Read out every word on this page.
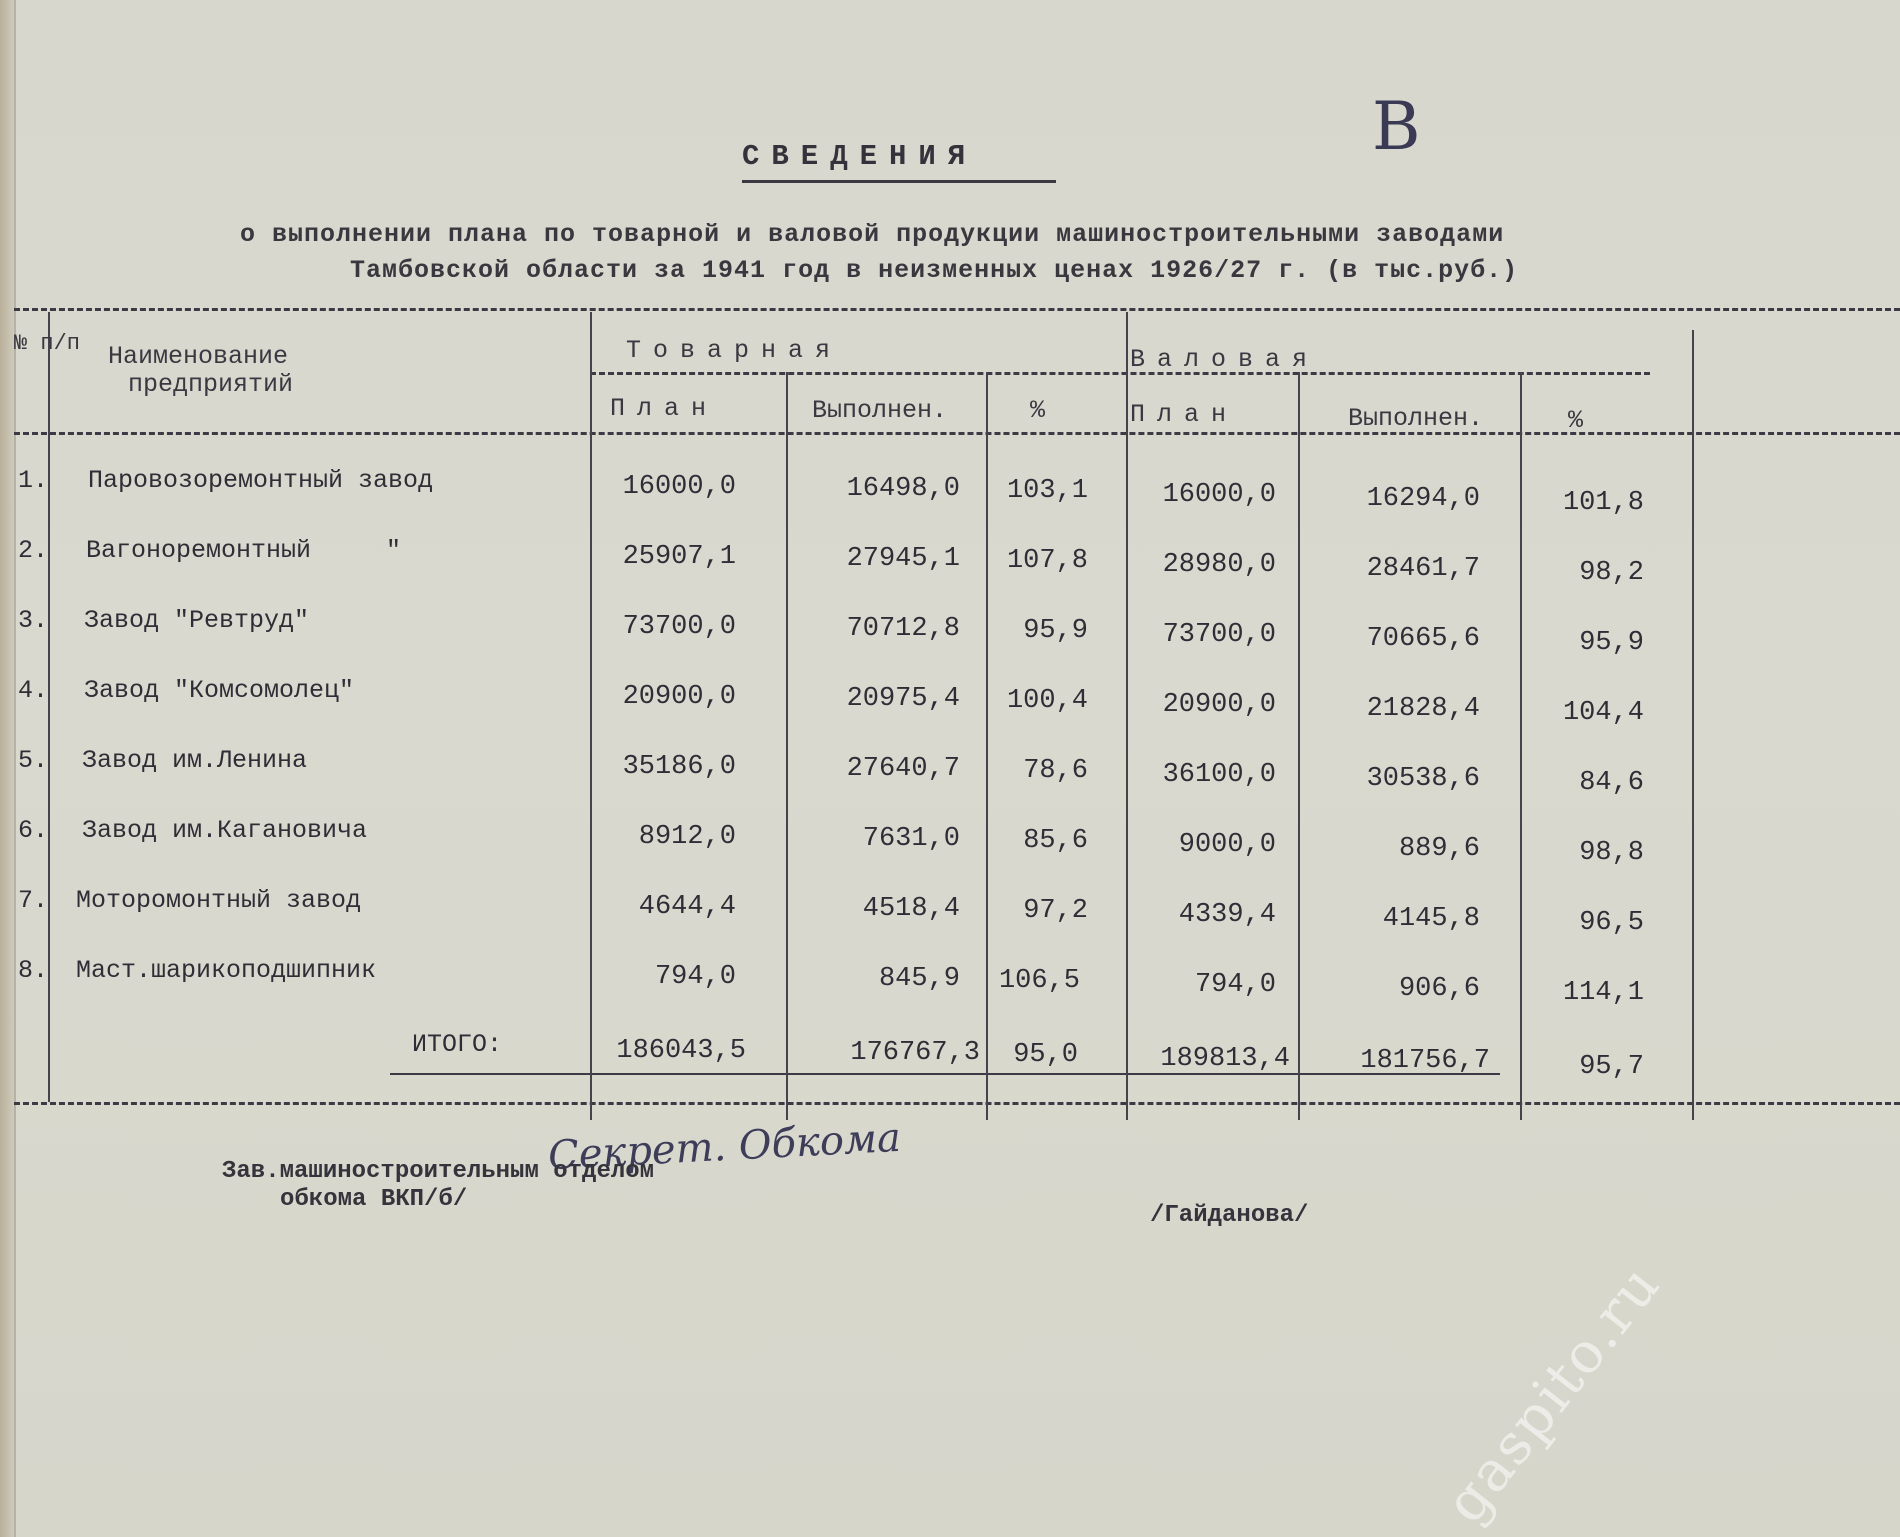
В
СВЕДЕНИЯ
о выполнении плана по товарной и валовой продукции машиностроительными заводами
Тамбовской области за 1941 год в неизменных ценах 1926/27 г. (в тыс.руб.)
№ п/п Наименование
предприятий
Товарная	Валовая
План	Выполнен.	%	План	Выполнен.	%
1. Паровозоремонтный завод	16000,0	16498,0	103,1	16000,0	16294,0	101,8
2. Вагоноремонтный     "	25907,1	27945,1	107,8	28980,0	28461,7	98,2
3. Завод "Ревтруд"	73700,0	70712,8	95,9	73700,0	70665,6	95,9
4. Завод "Комсомолец"	20900,0	20975,4	100,4	20900,0	21828,4	104,4
5. Завод им.Ленина	35186,0	27640,7	78,6	36100,0	30538,6	84,6
6. Завод им.Кагановича	8912,0	7631,0	85,6	9000,0	889,6	98,8
7. Моторомонтный завод	4644,4	4518,4	97,2	4339,4	4145,8	96,5
8. Маст.шарикоподшипник	794,0	845,9	106,5	794,0	906,6	114,1
ИТОГО:	186043,5	176767,3	95,0	189813,4	181756,7	95,7
Секрет. Обкома
Зав.машиностроительным отделом
обкома ВКП/б/
/Гайданова/
gaspito.ru
